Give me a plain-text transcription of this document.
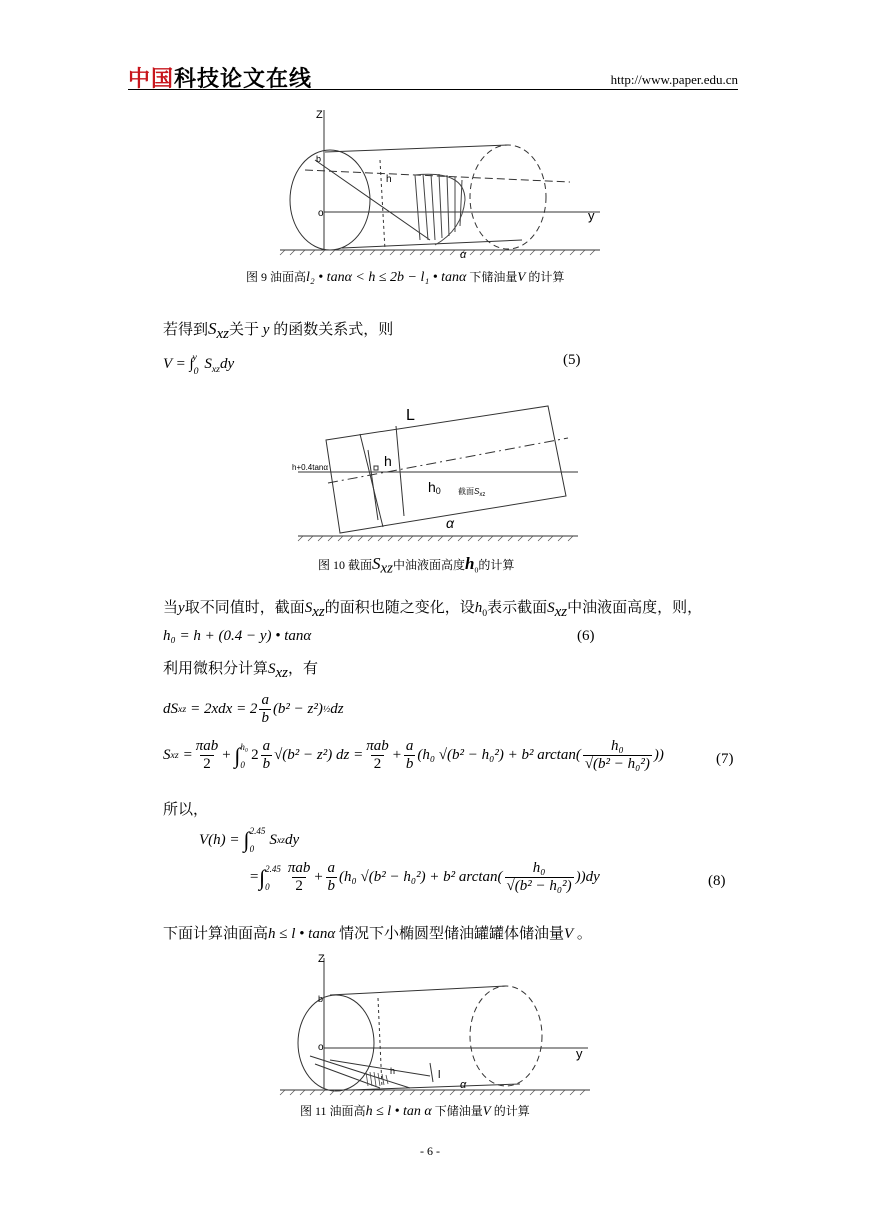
中国科技论文在线	http://www.paper.edu.cn
Z
y
o
b
h
α
图 9 油面高l₂ • tanα < h ≤ 2b − l₁ • tanα 下储油量V 的计算
若得到$S_{xz}$关于 y 的函数关系式，则
$V = \int_0^y$ $S_{xz}dy$	(5)
L
h+0.4tanα	h
h0 截面$S_{xz}$
α
图 10 截面$S_{xz}$中油液面高度$h_0$的计算
当y取不同值时，截面$S_{xz}$的面积也随之变化，设$h_0$表示截面$S_{xz}$中油液面高度，则，
h₀ = h + (0.4 − y) • tanα	(6)
利用微积分计算$S_{xz}$，有
dS xz = 2xdx = 2
a
b
(b² − z²) ½ dz
S xz =
πab
2
+ ∫ h₀
0
2
a
b
√(b² − z²) dz =
πab
2
+
a
b
(h₀ √(b² − h₀²) + b² arctan(
h₀
√(b² − h₀²)
))	(7)
所以，
V(h) = ∫ 2.45
0
S xz dy
= ∫ 2.45
0
πab
2
+
a
b
(h₀ √(b² − h₀²) + b² arctan(
h₀
√(b² − h₀²)
))dy	(8)
下面计算油面高h ≤ l • tanα 情况下小椭圆型储油罐罐体储油量V 。
Z
y
o
b
h	l
α
图 11 油面高h ≤ l • tan α 下储油量V 的计算
- 6 -
